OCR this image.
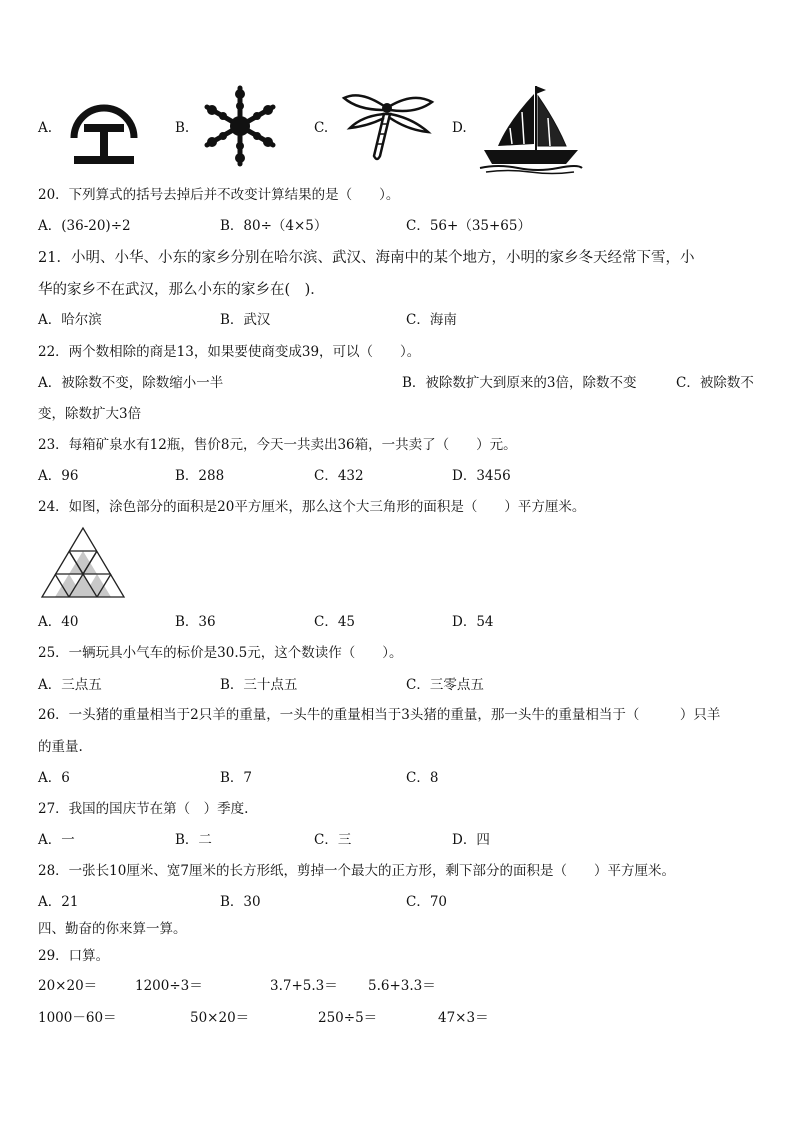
A.	B.	C.	D.
20．下列算式的括号去掉后并不改变计算结果的是（　　）。
A．(36-20)÷2	B．80÷（4×5）	C．56+（35+65）
21．小明、小华、小东的家乡分别在哈尔滨、武汉、海南中的某个地方，小明的家乡冬天经常下雪，小
华的家乡不在武汉，那么小东的家乡在(　)．
A．哈尔滨	B．武汉	C．海南
22．两个数相除的商是13，如果要使商变成39，可以（　　）。
A．被除数不变，除数缩小一半	B．被除数扩大到原来的3倍，除数不变	C．被除数不
变，除数扩大3倍
23．每箱矿泉水有12瓶，售价8元，今天一共卖出36箱，一共卖了（　　）元。
A．96	B．288	C．432	D．3456
24．如图，涂色部分的面积是20平方厘米，那么这个大三角形的面积是（　　）平方厘米。
A．40	B．36	C．45	D．54
25．一辆玩具小气车的标价是30.5元，这个数读作（　　）。
A．三点五	B．三十点五	C．三零点五
26．一头猪的重量相当于2只羊的重量，一头牛的重量相当于3头猪的重量，那一头牛的重量相当于（　　　）只羊
的重量.
A．6	B．7	C．8
27．我国的国庆节在第（　）季度.
A．一	B．二	C．三	D．四
28．一张长10厘米、宽7厘米的长方形纸，剪掉一个最大的正方形，剩下部分的面积是（　　）平方厘米。
A．21	B．30	C．70
四、勤奋的你来算一算。
29．口算。
20×20＝	1200÷3＝	3.7+5.3＝ 5.6+3.3＝
1000－60＝	50×20＝	250÷5＝	47×3＝
